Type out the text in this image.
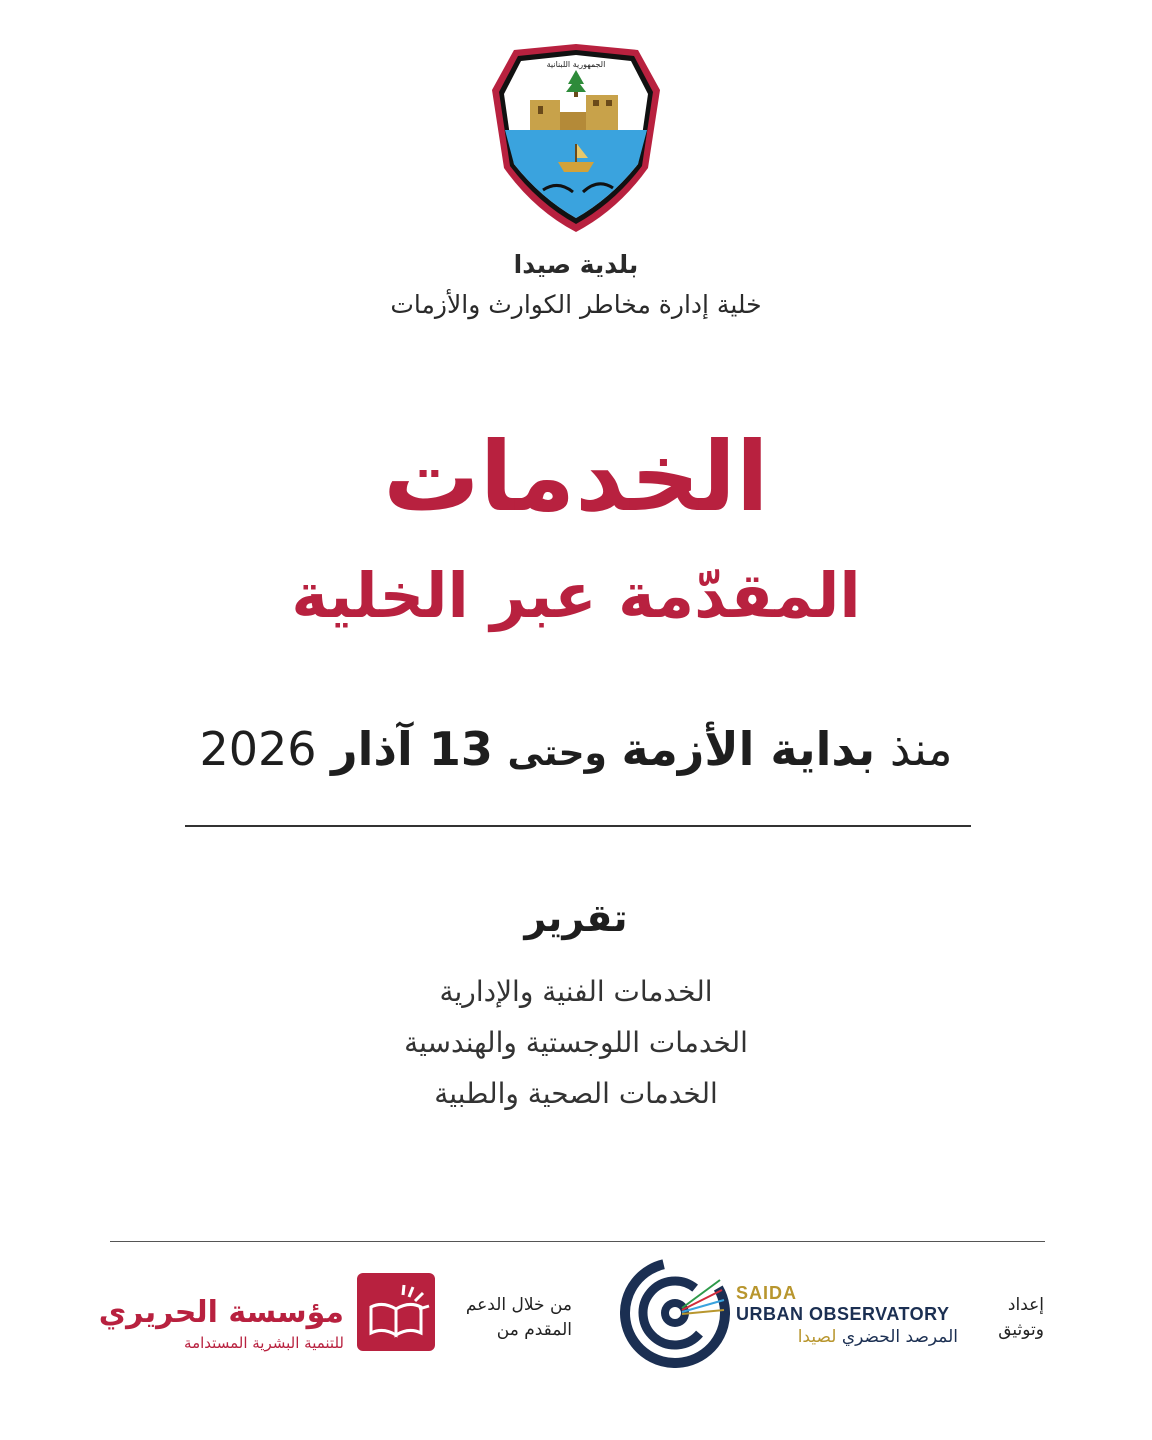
الجمهورية اللبنانية
بلدية صيدا
خلية إدارة مخاطر الكوارث والأزمات
الخدمات
المقدّمة عبر الخلية
منذ بداية الأزمة وحتى 13 آذار 2026
تقرير
الخدمات الفنية والإدارية
الخدمات اللوجستية والهندسية
الخدمات الصحية والطبية
إعداد
وتوثيق
SAIDA
URBAN OBSERVATORY
المرصد الحضري لصيدا
من خلال الدعم
المقدم من
مؤسسة الحريري
للتنمية البشرية المستدامة
